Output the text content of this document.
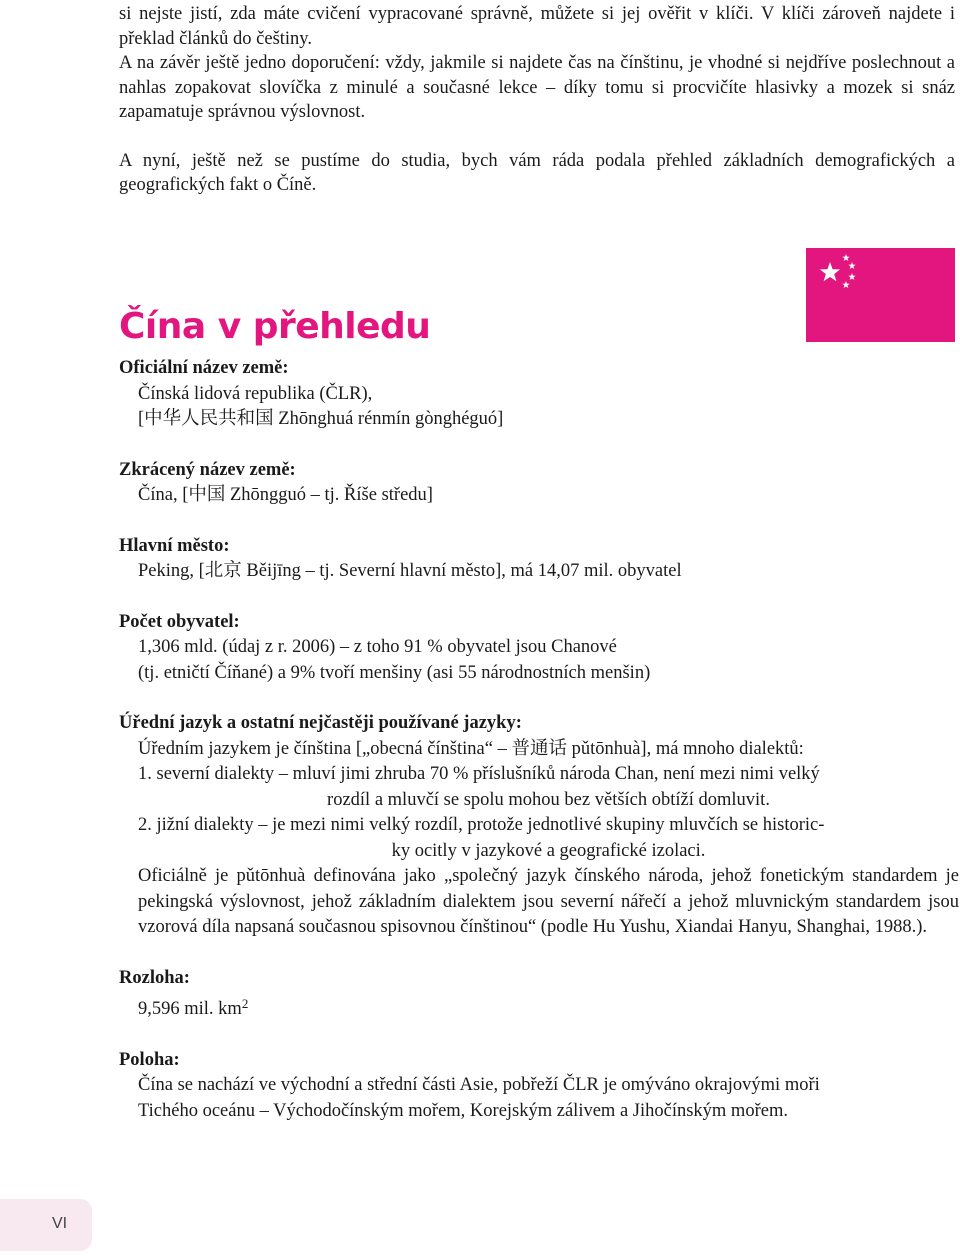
si nejste jistí, zda máte cvičení vypracované správně, můžete si jej ověřit v klíči. V klíči zároveň najdete i překlad článků do češtiny.

A na závěr ještě jedno doporučení: vždy, jakmile si najdete čas na čínštinu, je vhodné si nejdříve poslechnout a nahlas zopakovat slovíčka z minulé a současné lekce – díky tomu si procvičíte hlasivky a mozek si snáz zapamatuje správnou výslovnost.

A nyní, ještě než se pustíme do studia, bych vám ráda podala přehled základních demografických a geografických fakt o Číně.

Čína v přehledu
Oficiální název země:
Čínská lidová republika (ČLR),
[中华人民共和国 Zhōnghuá rénmín gònghéguó]
Zkrácený název země:
Čína, [中国 Zhōngguó – tj. Říše středu]
Hlavní město:
Peking, [北京 Běijīng – tj. Severní hlavní město], má 14,07 mil. obyvatel
Počet obyvatel:
1,306 mld. (údaj z r. 2006) – z toho 91 % obyvatel jsou Chanové
(tj. etničtí Číňané) a 9% tvoří menšiny (asi 55 národnostních menšin)
Úřední jazyk a ostatní nejčastěji používané jazyky:
Úředním jazykem je čínština [„obecná čínština“ – 普通话 pǔtōnhuà], má mnoho dialektů:
1. severní dialekty – mluví jimi zhruba 70 % příslušníků národa Chan, není mezi nimi velký
rozdíl a mluvčí se spolu mohou bez větších obtíží domluvit.
2. jižní dialekty – je mezi nimi velký rozdíl, protože jednotlivé skupiny mluvčích se historic-
ky ocitly v jazykové a geografické izolaci.
Oficiálně je pǔtōnhuà definována jako „společný jazyk čínského národa, jehož fonetickým standardem je pekingská výslovnost, jehož základním dialektem jsou severní nářečí a jehož mluvnickým standardem jsou vzorová díla napsaná současnou spisovnou čínštinou“ (podle Hu Yushu, Xiandai Hanyu, Shanghai, 1988.).
Rozloha:
9,596 mil. $km^2$
Poloha:
Čína se nachází ve východní a střední části Asie, pobřeží ČLR je omýváno okrajovými moři
Tichého oceánu – Východočínským mořem, Korejským zálivem a Jihočínským mořem.
VI
